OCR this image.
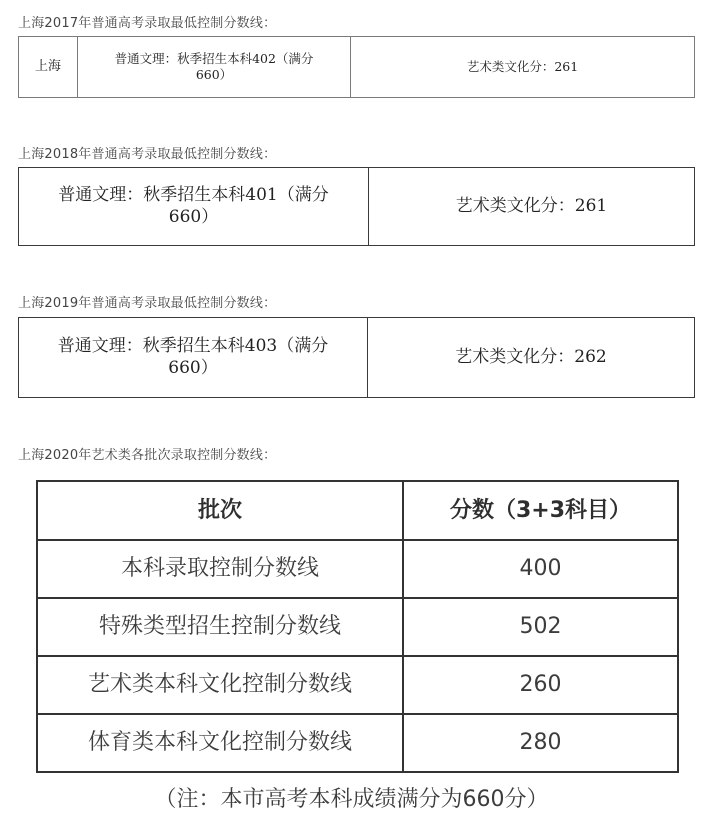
上海2017年普通高考录取最低控制分数线：
上海	普通文理：秋季招生本科402（满分
660）
	艺术类文化分：261
上海2018年普通高考录取最低控制分数线：
普通文理：秋季招生本科401（满分
660）
	艺术类文化分：261
上海2019年普通高考录取最低控制分数线：
普通文理：秋季招生本科403（满分
660）
	艺术类文化分：262
上海2020年艺术类各批次录取控制分数线：
批次	分数（3+3科目）
本科录取控制分数线	400
特殊类型招生控制分数线	502
艺术类本科文化控制分数线	260
体育类本科文化控制分数线	280
（注：本市高考本科成绩满分为660分）
